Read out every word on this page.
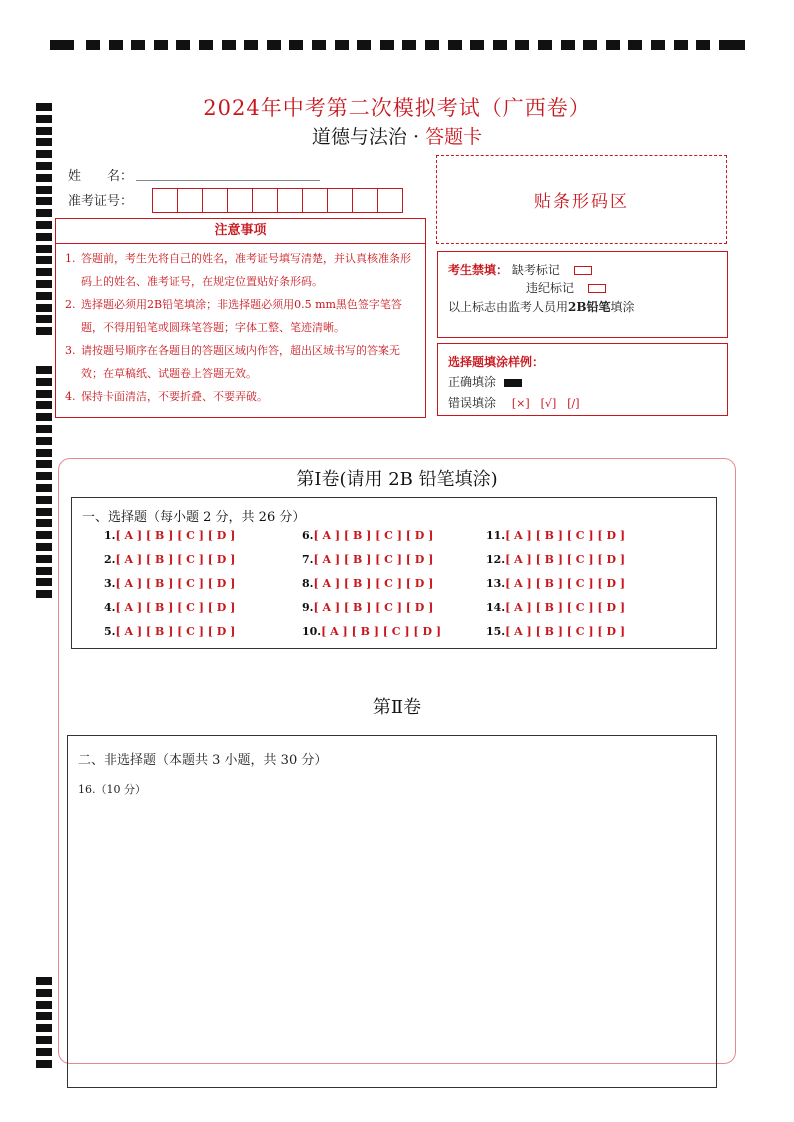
2024年中考第二次模拟考试（广西卷）
道德与法治 · 答题卡
姓　　名：
准考证号：	贴条形码区
注意事项
1. 答题前，考生先将自己的姓名，准考证号填写清楚，并认真核准条形码上的姓名、准考证号，在规定位置贴好条形码。
2. 选择题必须用2B铅笔填涂；非选择题必须用0.5 mm黑色签字笔答题，不得用铅笔或圆珠笔答题；字体工整、笔迹清晰。
3. 请按题号顺序在各题目的答题区域内作答，超出区域书写的答案无效；在草稿纸、试题卷上答题无效。
4. 保持卡面清洁，不要折叠、不要弄破。
考生禁填： 缺考标记
违纪标记
以上标志由监考人员用2B铅笔填涂
选择题填涂样例：
正确填涂
错误填涂 [×]　[√]　[/]
第Ⅰ卷(请用 2B 铅笔填涂)
一、选择题（每小题 2 分，共 26 分）
1.[ A ] [ B ] [ C ] [ D ]
2.[ A ] [ B ] [ C ] [ D ]
3.[ A ] [ B ] [ C ] [ D ]
4.[ A ] [ B ] [ C ] [ D ]
5.[ A ] [ B ] [ C ] [ D ]
6.[ A ] [ B ] [ C ] [ D ]
7.[ A ] [ B ] [ C ] [ D ]
8.[ A ] [ B ] [ C ] [ D ]
9.[ A ] [ B ] [ C ] [ D ]
10.[ A ] [ B ] [ C ] [ D ]
11.[ A ] [ B ] [ C ] [ D ]
12.[ A ] [ B ] [ C ] [ D ]
13.[ A ] [ B ] [ C ] [ D ]
14.[ A ] [ B ] [ C ] [ D ]
15.[ A ] [ B ] [ C ] [ D ]
第Ⅱ卷
二、非选择题（本题共 3 小题，共 30 分）
16.（10 分）
